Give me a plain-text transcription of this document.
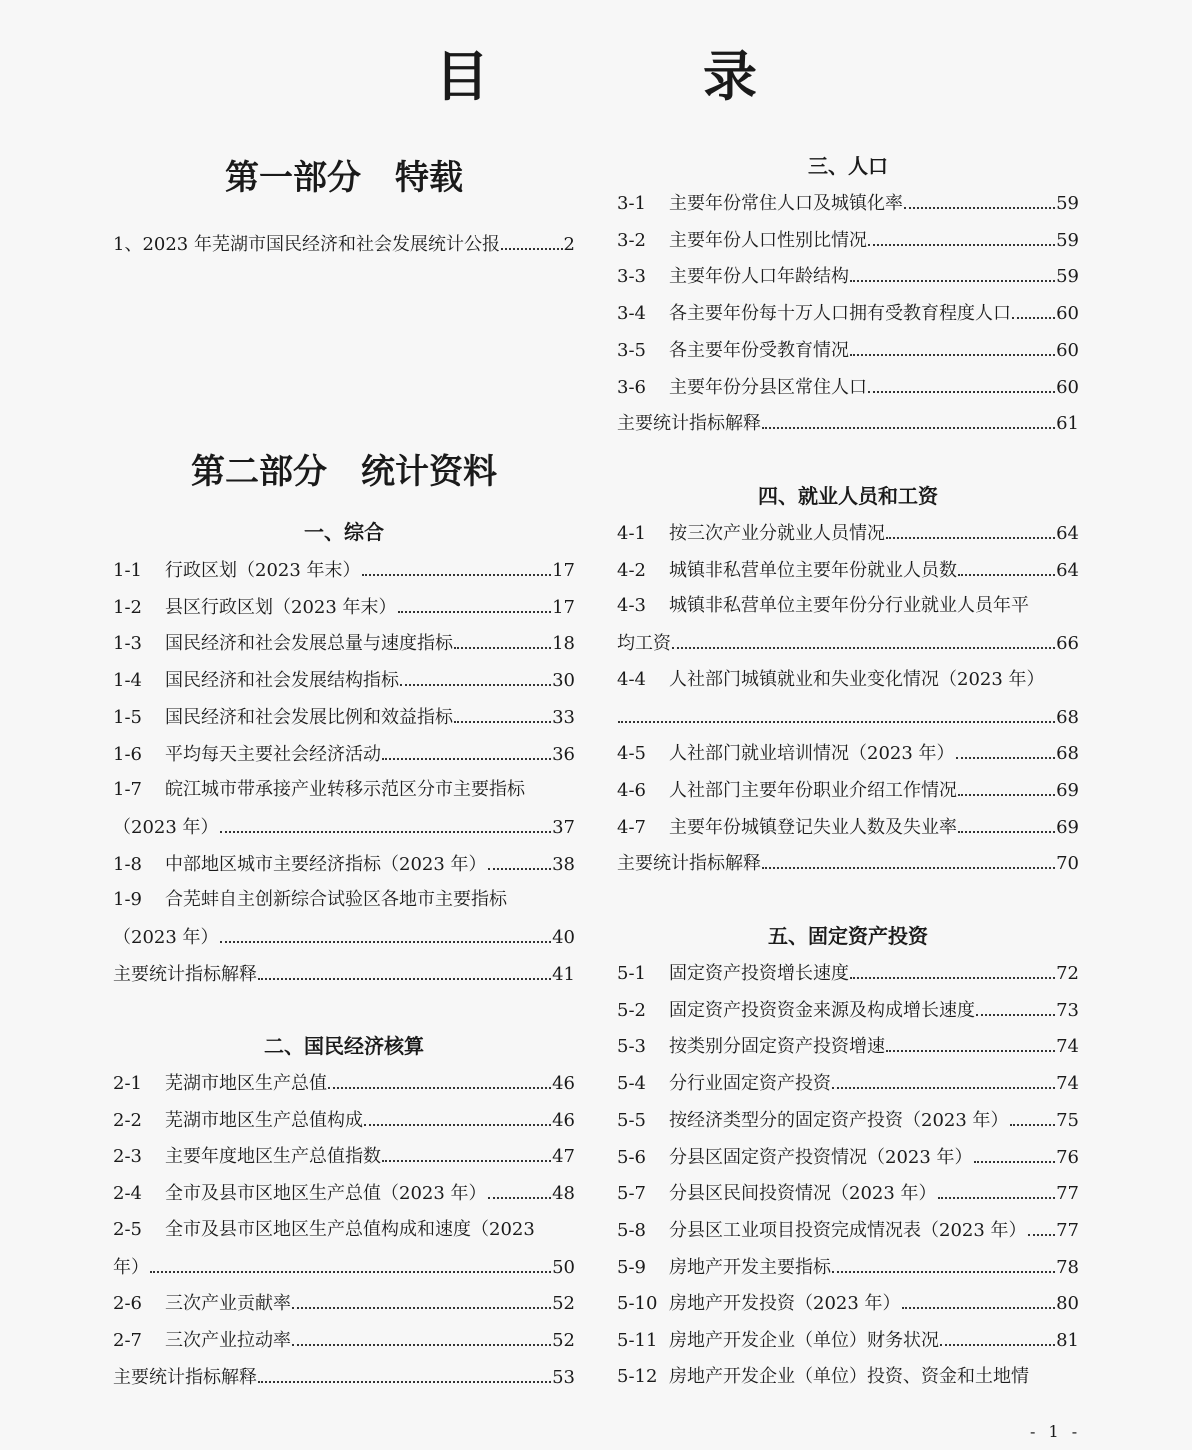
目　录
第一部分　特载
1、2023 年芜湖市国民经济和社会发展统计公报	2
第二部分　统计资料
一、综合
1-1	行政区划（2023 年末）	17
1-2	县区行政区划（2023 年末）	17
1-3	国民经济和社会发展总量与速度指标	18
1-4	国民经济和社会发展结构指标	30
1-5	国民经济和社会发展比例和效益指标	33
1-6	平均每天主要社会经济活动	36
1-7	皖江城市带承接产业转移示范区分市主要指标
（2023 年）	37
1-8	中部地区城市主要经济指标（2023 年）	38
1-9	合芜蚌自主创新综合试验区各地市主要指标
（2023 年）	40
主要统计指标解释	41
二、国民经济核算
2-1	芜湖市地区生产总值	46
2-2	芜湖市地区生产总值构成	46
2-3	主要年度地区生产总值指数	47
2-4	全市及县市区地区生产总值（2023 年）	48
2-5	全市及县市区地区生产总值构成和速度（2023
年）	50
2-6	三次产业贡献率	52
2-7	三次产业拉动率	52
主要统计指标解释	53
三、人口
3-1	主要年份常住人口及城镇化率	59
3-2	主要年份人口性别比情况	59
3-3	主要年份人口年龄结构	59
3-4	各主要年份每十万人口拥有受教育程度人口	60
3-5	各主要年份受教育情况	60
3-6	主要年份分县区常住人口	60
主要统计指标解释	61
四、就业人员和工资
4-1	按三次产业分就业人员情况	64
4-2	城镇非私营单位主要年份就业人员数	64
4-3	城镇非私营单位主要年份分行业就业人员年平
均工资	66
4-4	人社部门城镇就业和失业变化情况（2023 年）
68
4-5	人社部门就业培训情况（2023 年）	68
4-6	人社部门主要年份职业介绍工作情况	69
4-7	主要年份城镇登记失业人数及失业率	69
主要统计指标解释	70
五、固定资产投资
5-1	固定资产投资增长速度	72
5-2	固定资产投资资金来源及构成增长速度	73
5-3	按类别分固定资产投资增速	74
5-4	分行业固定资产投资	74
5-5	按经济类型分的固定资产投资（2023 年）	75
5-6	分县区固定资产投资情况（2023 年）	76
5-7	分县区民间投资情况（2023 年）	77
5-8	分县区工业项目投资完成情况表（2023 年） 77
5-9	房地产开发主要指标	78
5-10 房地产开发投资（2023 年）	80
5-11 房地产开发企业（单位）财务状况	81
5-12 房地产开发企业（单位）投资、资金和土地情
- 1 -
